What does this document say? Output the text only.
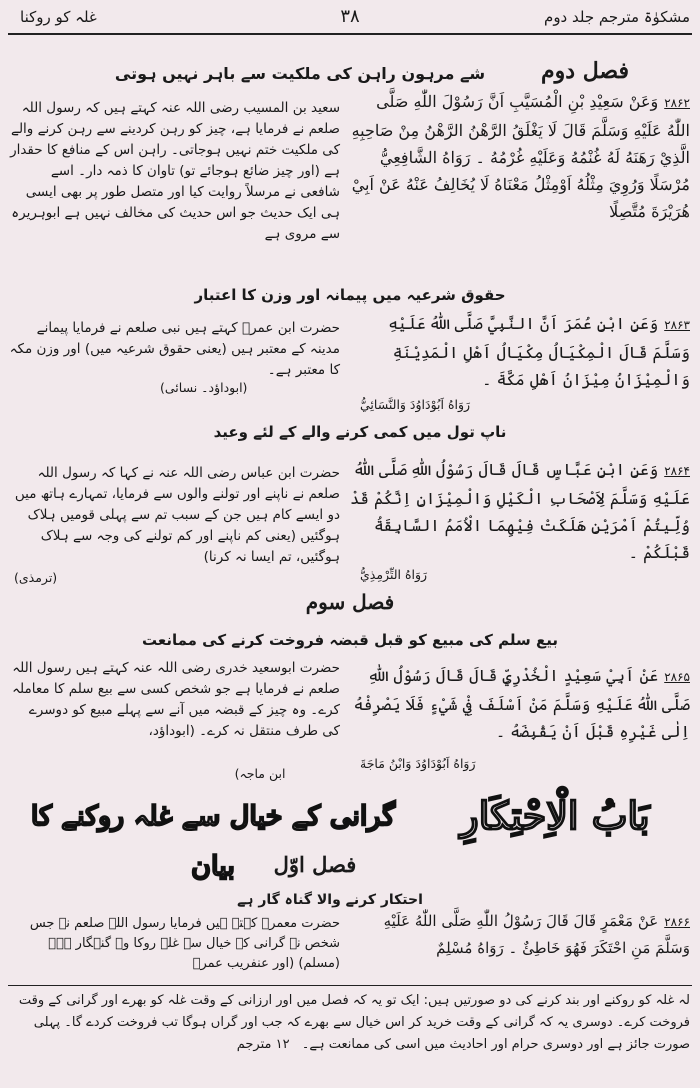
مشکوٰۃ مترجم جلد دوم
۳۸
غلہ کو روکنا
فصل دوم
شے مرہون راہن کی ملکیت سے باہر نہیں ہوتی
۲۸۶۲وَعَنْ سَعِيْدِ بْنِ الْمُسَيَّبِ اَنَّ رَسُوْلَ اللّٰهِ صَلَّى اللّٰهُ عَلَيْهِ وَسَلَّمَ قَالَ لَا يَغْلَقُ الرَّهْنُ الرَّهْنُ مِنْ صَاحِبِهِ الَّذِيْ رَهَنَهُ لَهُ غُنْمُهُ وَعَلَيْهِ غُرْمُهُ ۔ رَوَاهُ الشَّافِعِيُّ مُرْسَلًا وَرُوِيَ مِثْلُهُ اَوْمِثْلُ مَعْنَاهُ لَا يُخَالِفُ عَنْهُ عَنْ اَبِيْ هُرَيْرَةَ مُتَّصِلًا
سعید بن المسیب رضی اللہ عنہ کہتے ہیں کہ رسول اللہ صلعم نے فرمایا ہے، چیز کو رہن کردینے سے رہن کرنے والے کی ملکیت ختم نہیں ہوجاتی۔ راہن اس کے منافع کا حقدار ہے (اور چیز ضائع ہوجائے تو) تاوان کا ذمہ دار۔ اسے شافعی نے مرسلاً روایت کیا اور متصل طور پر بھی ایسی ہی ایک حدیث جو اس حدیث کی مخالف نہیں ہے ابوہریرہ سے مروی ہے
حقوق شرعیہ میں پیمانہ اور وزن کا اعتبار
۲۸۶۳وَعَنِ ابْنِ عُمَرَ اَنَّ النَّبِيَّ صَلَّى اللّٰهُ عَلَيْهِ وَسَلَّمَ قَالَ الْمِكْيَالُ مِكْيَالُ اَهْلِ الْمَدِيْنَةِ وَالْمِيْزَانُ مِيْزَانُ اَهْلِ مَكَّةَ ۔
رَوَاهُ اَبُوْدَاوُدَ وَالنَّسَائِيُّ
حضرت ابن عمرؓ کہتے ہیں نبی صلعم نے فرمایا پیمانے مدینہ کے معتبر ہیں (یعنی حقوق شرعیہ میں) اور وزن مکہ کا معتبر ہے۔
(ابوداؤد۔ نسائی)
ناپ تول میں کمی کرنے والے کے لئے وعید
۲۸۶۴وَعَنِ ابْنِ عَبَّاسٍ قَالَ قَالَ رَسُوْلُ اللّٰهِ صَلَّى اللّٰهُ عَلَيْهِ وَسَلَّمَ لِاَصْحَابِ الْكَيْلِ وَالْمِيْزَانِ اِنَّكُمْ قَدْ وُلِّيتُمْ اَمْرَيْنِ هَلَكَتْ فِيْهِمَا الْاُمَمُ السَّابِقَةُ قَبْلَكُمْ ۔
رَوَاهُ التِّرْمِذِيُّ
حضرت ابن عباس رضی اللہ عنہ نے کہا کہ رسول اللہ صلعم نے ناپنے اور تولنے والوں سے فرمایا، تمہارے ہاتھ میں دو ایسے کام ہیں جن کے سبب تم سے پہلی قومیں ہلاک ہوگئیں (یعنی کم ناپنے اور کم تولنے کی وجہ سے ہلاک ہوگئیں، تم ایسا نہ کرنا)
(ترمذی)
فصل سوم
بیع سلم کی مبیع کو قبل قبضہ فروخت کرنے کی ممانعت
۲۸۶۵عَنْ اَبِيْ سَعِيْدٍ الْخُدْرِيِّ قَالَ قَالَ رَسُوْلُ اللّٰهِ صَلَّى اللّٰهُ عَلَيْهِ وَسَلَّمَ مَنْ اَسْلَفَ فِيْ شَيْءٍ فَلَا يَصْرِفْهُ اِلٰى غَيْرِهِ قَبْلَ اَنْ يَقْبِضَهُ ۔
رَوَاهُ اَبُوْدَاوُدَ وَابْنُ مَاجَةَ
حضرت ابوسعید خدری رضی اللہ عنہ کہتے ہیں رسول اللہ صلعم نے فرمایا ہے جو شخص کسی سے بیع سلم کا معاملہ کرے۔ وہ چیز کے قبضہ میں آنے سے پہلے مبیع کو دوسرے کی طرف منتقل نہ کرے۔ (ابوداؤد،
ابن ماجہ)
بَابُ الْاِحْتِکَارِ
گرانی کے خیال سے غلہ روکنے کا بیان	فصل اوّل
احتکار کرنے والا گناہ گار ہے
۲۸۶۶عَنْ مَعْمَرٍ قَالَ قَالَ رَسُوْلُ اللّٰهِ صَلَّى اللّٰهُ عَلَيْهِ وَسَلَّمَ مَنِ احْتَكَرَ فَهُوَ خَاطِئٌ ۔ رَوَاهُ مُسْلِمٌ
حضرت معمرؓ کہتے ہیں فرمایا رسول اللہ صلعم نے جس شخص نے گرانی کے خیال سے غلہ روکا وہ گنہگار ہے۔ (مسلم) (اور عنفریب عمرؓ
لہ غلہ کو روکنے اور بند کرنے کی دو صورتیں ہیں: ایک تو یہ کہ فصل میں اور ارزانی کے وقت غلہ کو بھرے اور گرانی کے وقت فروخت کرے۔ دوسری یہ کہ گرانی کے وقت خرید کر اس خیال سے بھرے کہ جب اور گراں ہوگا تب فروخت کردے گا۔ پہلی صورت جائز ہے اور دوسری حرام اور احادیث میں اسی کی ممانعت ہے۔ ۱۲ مترجم
